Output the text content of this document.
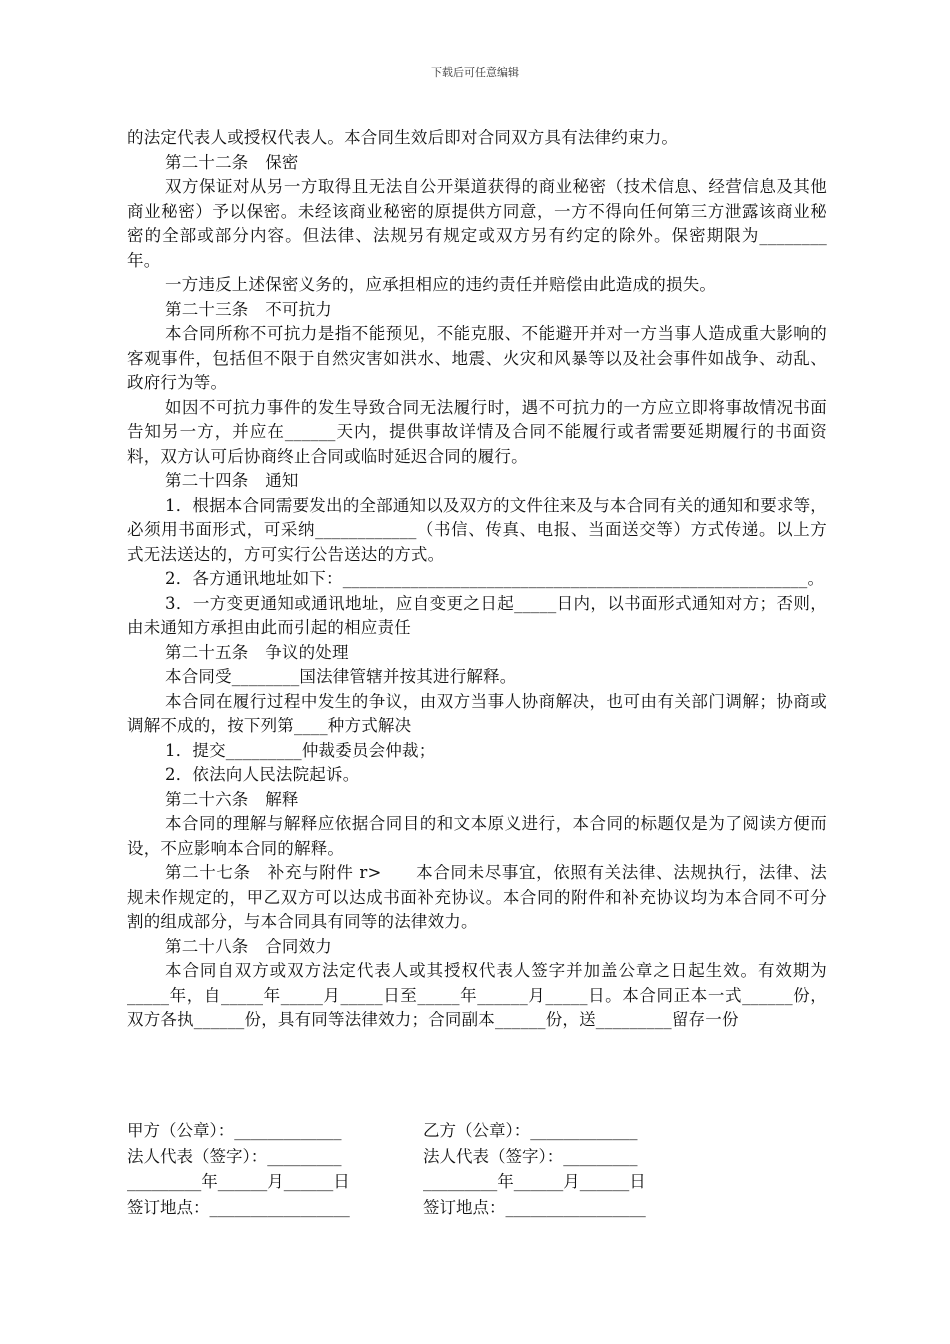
下载后可任意编辑

的法定代表人或授权代表人。本合同生效后即对合同双方具有法律约束力。

第二十二条　保密

双方保证对从另一方取得且无法自公开渠道获得的商业秘密（技术信息、经营信息及其他商业秘密）予以保密。未经该商业秘密的原提供方同意，一方不得向任何第三方泄露该商业秘密的全部或部分内容。但法律、法规另有规定或双方另有约定的除外。保密期限为________年。

一方违反上述保密义务的，应承担相应的违约责任并赔偿由此造成的损失。

第二十三条　不可抗力

本合同所称不可抗力是指不能预见，不能克服、不能避开并对一方当事人造成重大影响的客观事件，包括但不限于自然灾害如洪水、地震、火灾和风暴等以及社会事件如战争、动乱、政府行为等。

如因不可抗力事件的发生导致合同无法履行时，遇不可抗力的一方应立即将事故情况书面告知另一方，并应在______天内，提供事故详情及合同不能履行或者需要延期履行的书面资料，双方认可后协商终止合同或临时延迟合同的履行。

第二十四条　通知

1．根据本合同需要发出的全部通知以及双方的文件往来及与本合同有关的通知和要求等，必须用书面形式，可采纳____________（书信、传真、电报、当面送交等）方式传递。以上方式无法送达的，方可实行公告送达的方式。

2．各方通讯地址如下：_______________________________________________________。

3．一方变更通知或通讯地址，应自变更之日起_____日内，以书面形式通知对方；否则，由未通知方承担由此而引起的相应责任

第二十五条　争议的处理

本合同受________国法律管辖并按其进行解释。

本合同在履行过程中发生的争议，由双方当事人协商解决，也可由有关部门调解；协商或调解不成的，按下列第____种方式解决

1．提交_________仲裁委员会仲裁；

2．依法向人民法院起诉。

第二十六条　解释

本合同的理解与解释应依据合同目的和文本原义进行，本合同的标题仅是为了阅读方便而设，不应影响本合同的解释。

第二十七条　补充与附件 r>　　本合同未尽事宜，依照有关法律、法规执行，法律、法规未作规定的，甲乙双方可以达成书面补充协议。本合同的附件和补充协议均为本合同不可分割的组成部分，与本合同具有同等的法律效力。

第二十八条　合同效力

本合同自双方或双方法定代表人或其授权代表人签字并加盖公章之日起生效。有效期为_____年，自_____年_____月_____日至_____年______月_____日。本合同正本一式______份，双方各执______份，具有同等法律效力；合同副本______份，送_________留存一份

甲方（公章）：_____________	乙方（公章）：_____________
法人代表（签字）：_________	法人代表（签字）：_________
_________年______月______日	_________年______月______日
签订地点：_________________	签订地点：_________________
